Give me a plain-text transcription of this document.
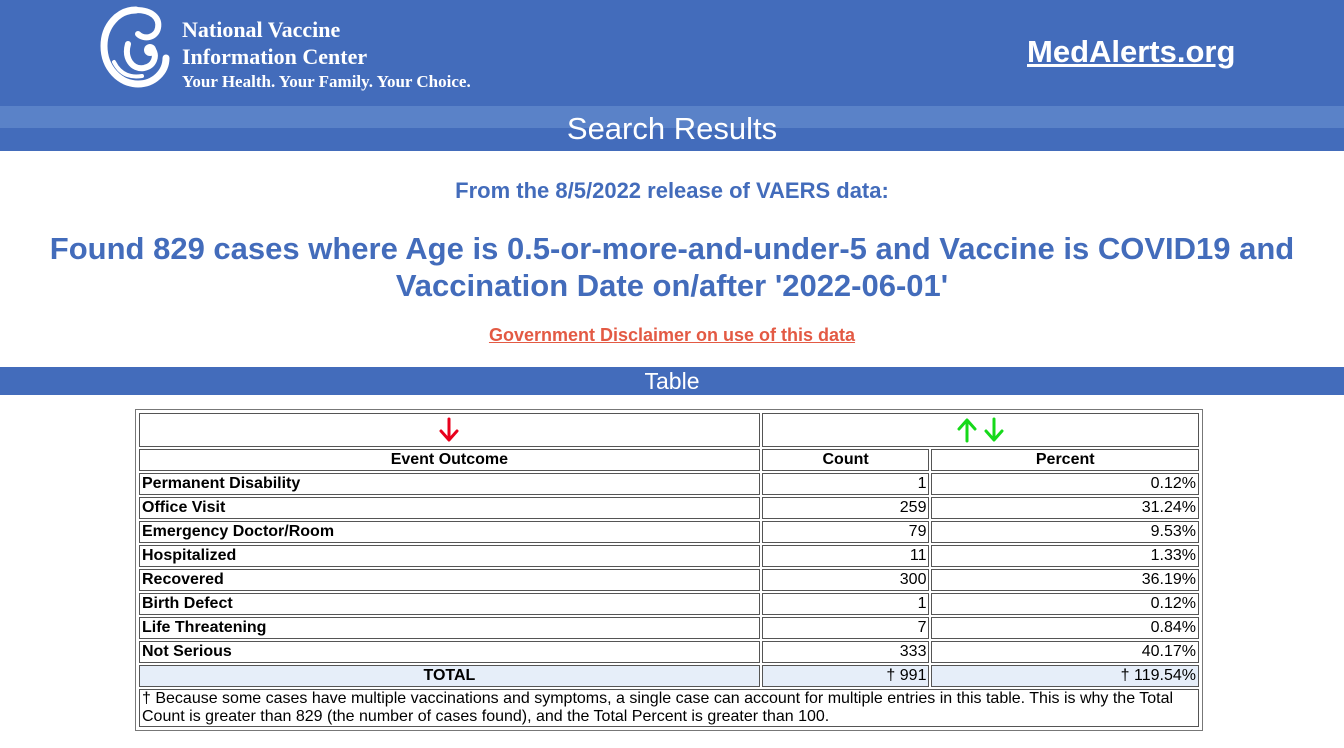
National Vaccine
Information Center
Your Health. Your Family. Your Choice.
MedAlerts.org
Search Results
From the 8/5/2022 release of VAERS data:
Found 829 cases where Age is 0.5-or-more-and-under-5 and Vaccine is COVID19 and Vaccination Date on/after '2022-06-01'
Government Disclaimer on use of this data
Table

Event Outcome	Count	Percent
Permanent Disability	1	0.12%
Office Visit	259	31.24%
Emergency Doctor/Room	79	9.53%
Hospitalized	11	1.33%
Recovered	300	36.19%
Birth Defect	1	0.12%
Life Threatening	7	0.84%
Not Serious	333	40.17%
TOTAL	† 991	† 119.54%
† Because some cases have multiple vaccinations and symptoms, a single case can account for multiple entries in this table. This is why the Total Count is greater than 829 (the number of cases found), and the Total Percent is greater than 100.		
